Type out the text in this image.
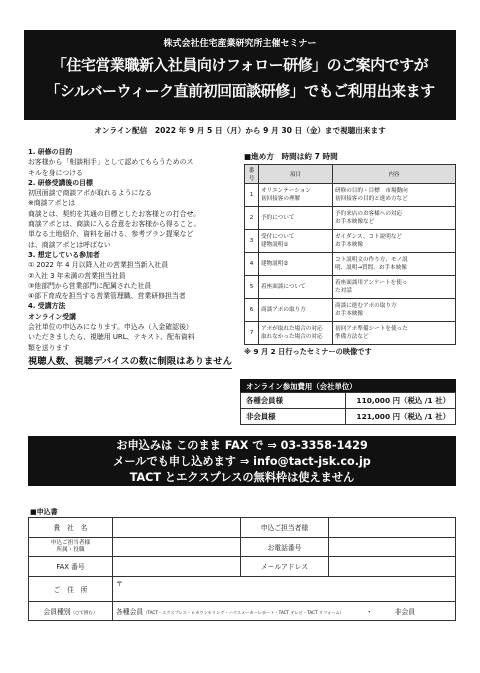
株式会社住宅産業研究所主催セミナー
「住宅営業職新入社員向けフォロー研修」のご案内ですが
「シルバーウィーク直前初回面談研修」でもご利用出来ます
オンライン配信　2022 年 9 月 5 日（月）から 9 月 30 日（金）まで視聴出来ます
1. 研修の目的
お客様から「相談相手」として認めてもらうためのス
キルを身につける
2. 研修受講後の目標
初回面談で商談アポが取れるようになる
※商談アポとは
商談とは、契約を共通の目標としたお客様との打合せ。
商談アポとは、商談に入る合意をお客様から得ること。
単なる土地紹介、資料を届ける、参考プラン提案など
は、商談アポとは呼ばない
3. 想定している参加者
① 2022 年 4 月以降入社の営業担当新入社員
②入社 3 年未満の営業担当社員
③他部門から営業部門に配属された社員
④部下育成を担当する営業管理職、営業研修担当者
4. 受講方法
オンライン受講
会社単位の申込みになります。申込み（入金確認後）
いただきましたら、視聴用 URL、テキスト、配布資料
類を送ります
視聴人数、視聴デバイスの数に制限はありません
■進め方　時間は約 7 時間
番号	項目	内容
1	オリエンテーション
初回接客の理解	研修の目的・目標　市場動向
初回接客の目的と進め方など
2	予約について	予約来店のお客様への対応
お手本映像など
3	受付について
建物説明①	ガイダンス、コト説明など
お手本映像
4	建物説明②	コト説明文の作り方、モノ説
明、説明→質問、お手本映像
5	着座面談について	着座面談用アンケートを使っ
た対話
6	商談アポの取り方	商談に進むアポの取り方
お手本映像
7	アポが取れた場合の対応
取れなかった場合の対応	初回アポ準備シートを使った
準備方法など
※ 9 月 2 日行ったセミナーの映像です
オンライン参加費用（会社単位）
各種会員様	110,000 円（税込 /1 社）
非会員様	121,000 円（税込 /1 社）
お申込みは このまま FAX で ⇒ 03-3358-1429
メールでも申し込めます ⇒ info@tact-jsk.co.jp
TACT とエクスプレスの無料枠は使えません
■申込書
貴　社　名		申込ご担当者様	
申込ご担当者様
所属・役職		お電話番号	
FAX 番号		メールアドレス	
ご　住　所	〒		
会員種別（○で囲む）	各種会員（TACT・エクスプレス・ｅカウンセリング・ハウスメーカーレポート・TACT テレビ・TACT リフォーム） ・ 非会員		
